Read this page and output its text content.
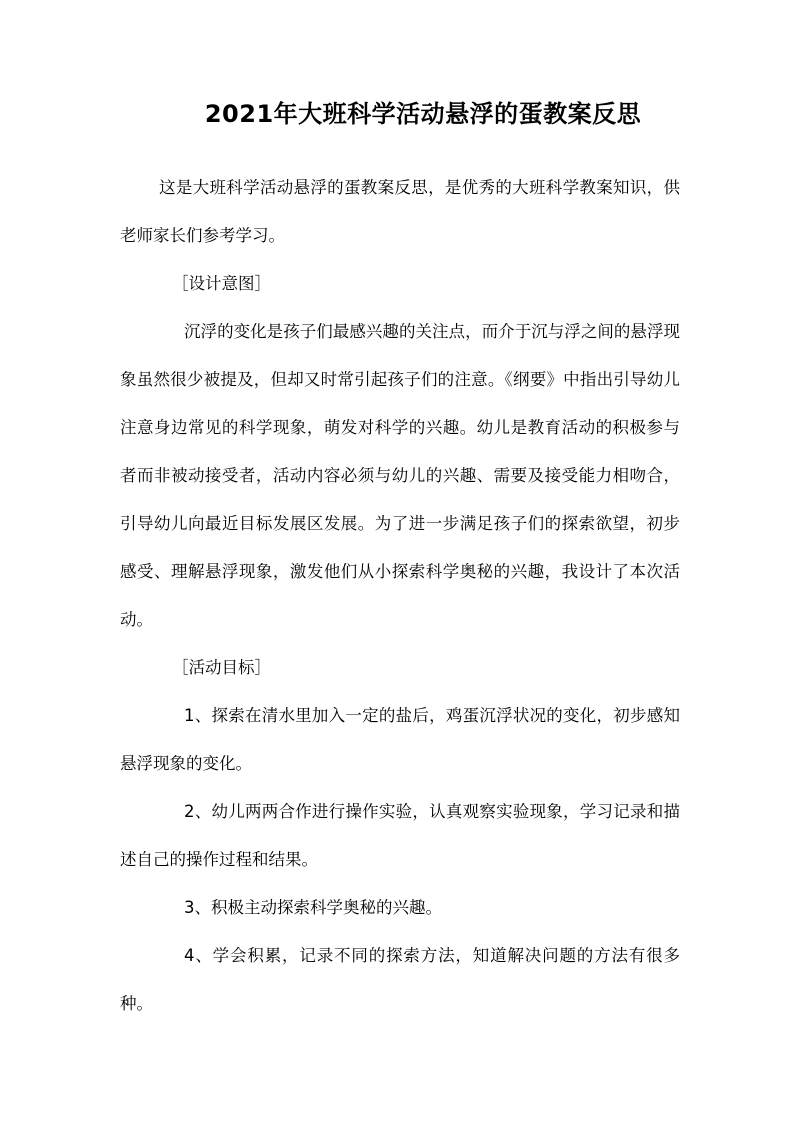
2021年大班科学活动悬浮的蛋教案反思

这是大班科学活动悬浮的蛋教案反思，是优秀的大班科学教案知识，供老师家长们参考学习。

［设计意图］

沉浮的变化是孩子们最感兴趣的关注点，而介于沉与浮之间的悬浮现象虽然很少被提及，但却又时常引起孩子们的注意。《纲要》中指出引导幼儿注意身边常见的科学现象，萌发对科学的兴趣。幼儿是教育活动的积极参与者而非被动接受者，活动内容必须与幼儿的兴趣、需要及接受能力相吻合，引导幼儿向最近目标发展区发展。为了进一步满足孩子们的探索欲望，初步感受、理解悬浮现象，激发他们从小探索科学奥秘的兴趣，我设计了本次活动。

［活动目标］

1、探索在清水里加入一定的盐后，鸡蛋沉浮状况的变化，初步感知悬浮现象的变化。

2、幼儿两两合作进行操作实验，认真观察实验现象，学习记录和描述自己的操作过程和结果。

3、积极主动探索科学奥秘的兴趣。

4、学会积累，记录不同的探索方法，知道解决问题的方法有很多种。
